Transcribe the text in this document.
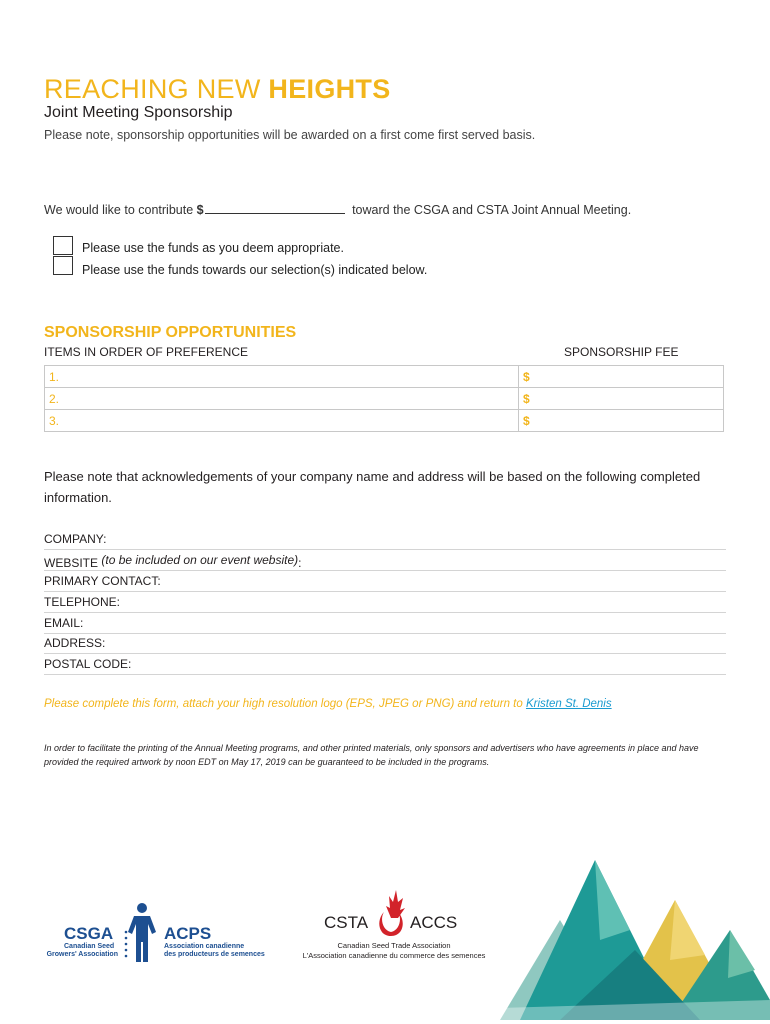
REACHING NEW HEIGHTS
Joint Meeting Sponsorship
Please note, sponsorship opportunities will be awarded on a first come first served basis.
We would like to contribute $	toward the CSGA and CSTA Joint Annual Meeting.
Please use the funds as you deem appropriate.
Please use the funds towards our selection(s) indicated below.
SPONSORSHIP OPPORTUNITIES
ITEMS IN ORDER OF PREFERENCE	SPONSORSHIP FEE
1.	$
2.	$
3.	$
Please note that acknowledgements of your company name and address will be based on the following completed information.
COMPANY:
WEBSITE (to be included on our event website):
PRIMARY CONTACT:
TELEPHONE:
EMAIL:
ADDRESS:
POSTAL CODE:
Please complete this form, attach your high resolution logo (EPS, JPEG or PNG) and return to Kristen St. Denis
In order to facilitate the printing of the Annual Meeting programs, and other printed materials, only sponsors and advertisers who have agreements in place and have provided the required artwork by noon EDT on May 17, 2019 can be guaranteed to be included in the programs.
CSGA
Canadian Seed
Growers' Association
ACPS
Association canadienne
des producteurs de semences
CSTA ACCS
Canadian Seed Trade Association
L'Association canadienne du commerce des semences
